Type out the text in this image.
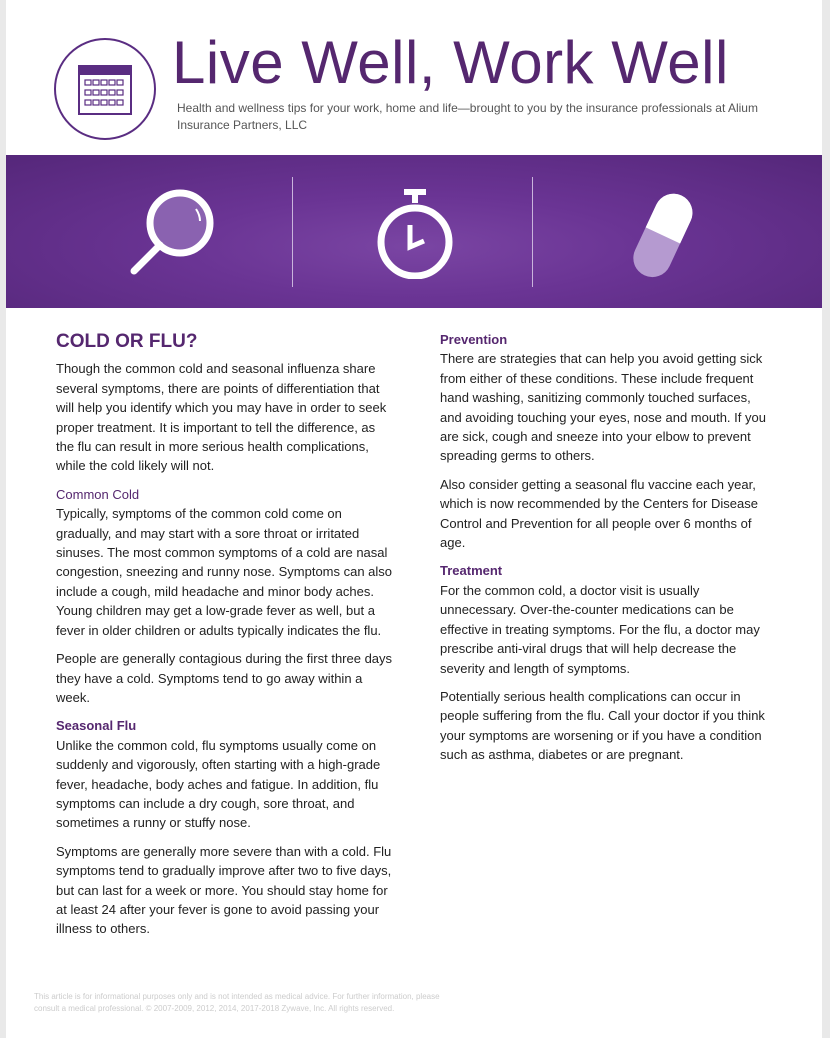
Live Well, Work Well
Health and wellness tips for your work, home and life—brought to you by the insurance professionals at Alium Insurance Partners, LLC
COLD OR FLU?

Though the common cold and seasonal influenza share several symptoms, there are points of differentiation that will help you identify which you may have in order to seek proper treatment. It is important to tell the difference, as the flu can result in more serious health complications, while the cold likely will not.

Common Cold

Typically, symptoms of the common cold come on gradually, and may start with a sore throat or irritated sinuses. The most common symptoms of a cold are nasal congestion, sneezing and runny nose. Symptoms can also include a cough, mild headache and minor body aches. Young children may get a low-grade fever as well, but a fever in older children or adults typically indicates the flu.

People are generally contagious during the first three days they have a cold. Symptoms tend to go away within a week.

Seasonal Flu

Unlike the common cold, flu symptoms usually come on suddenly and vigorously, often starting with a high-grade fever, headache, body aches and fatigue. In addition, flu symptoms can include a dry cough, sore throat, and sometimes a runny or stuffy nose.

Symptoms are generally more severe than with a cold. Flu symptoms tend to gradually improve after two to five days, but can last for a week or more. You should stay home for at least 24 after your fever is gone to avoid passing your illness to others.

Prevention

There are strategies that can help you avoid getting sick from either of these conditions. These include frequent hand washing, sanitizing commonly touched surfaces, and avoiding touching your eyes, nose and mouth. If you are sick, cough and sneeze into your elbow to prevent spreading germs to others.

Also consider getting a seasonal flu vaccine each year, which is now recommended by the Centers for Disease Control and Prevention for all people over 6 months of age.

Treatment

For the common cold, a doctor visit is usually unnecessary. Over-the-counter medications can be effective in treating symptoms. For the flu, a doctor may prescribe anti-viral drugs that will help decrease the severity and length of symptoms.

Potentially serious health complications can occur in people suffering from the flu. Call your doctor if you think your symptoms are worsening or if you have a condition such as asthma, diabetes or are pregnant.

This article is for informational purposes only and is not intended as medical advice. For further information, please consult a medical professional. © 2007-2009, 2012, 2014, 2017-2018 Zywave, Inc. All rights reserved.
